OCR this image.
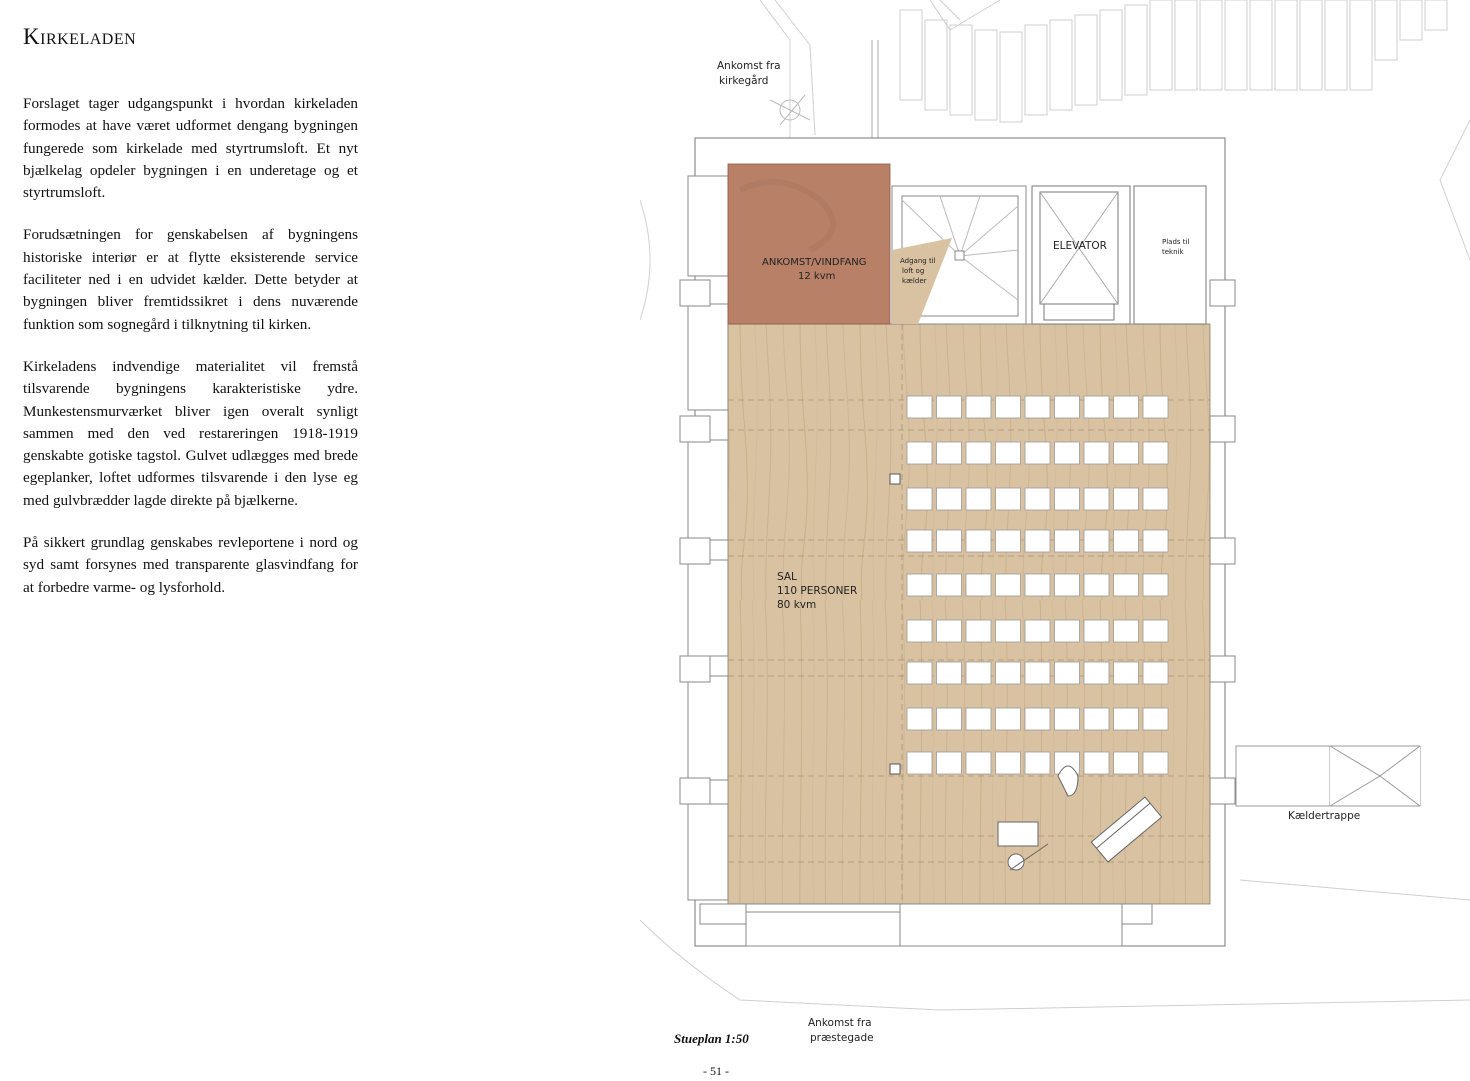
Kirkeladen

Forslaget tager udgangspunkt i hvordan kirkeladen formodes at have været udformet dengang bygningen fungerede som kirkelade med styrtrumsloft. Et nyt bjælkelag opdeler bygningen i en underetage og et styrtrumsloft.

Forudsætningen for genskabelsen af bygningens historiske interiør er at flytte eksisterende service faciliteter ned i en udvidet kælder. Dette betyder at bygningen bliver fremtidssikret i dens nuværende funktion som sognegård i tilknytning til kirken.

Kirkeladens indvendige materialitet vil fremstå tilsvarende bygningens karakteristiske ydre. Munkestensmurværket bliver igen overalt synligt sammen med den ved restareringen 1918-1919 genskabte gotiske tagstol. Gulvet udlægges med brede egeplanker, loftet udformes tilsvarende i den lyse eg med gulvbrædder lagde direkte på bjælkerne.

På sikkert grundlag genskabes revleportene i nord og syd samt forsynes med transparente glasvindfang for at forbedre varme- og lysforhold.

Ankomst fra
kirkegård
ANKOMST/VINDFANG
12 kvm
Adgang til
loft og
kælder
ELEVATOR	Plads til
teknik
SAL
110 PERSONER
80 kvm
Kældertrappe
Ankomst fra
præstegade
Stueplan 1:50
- 51 -
